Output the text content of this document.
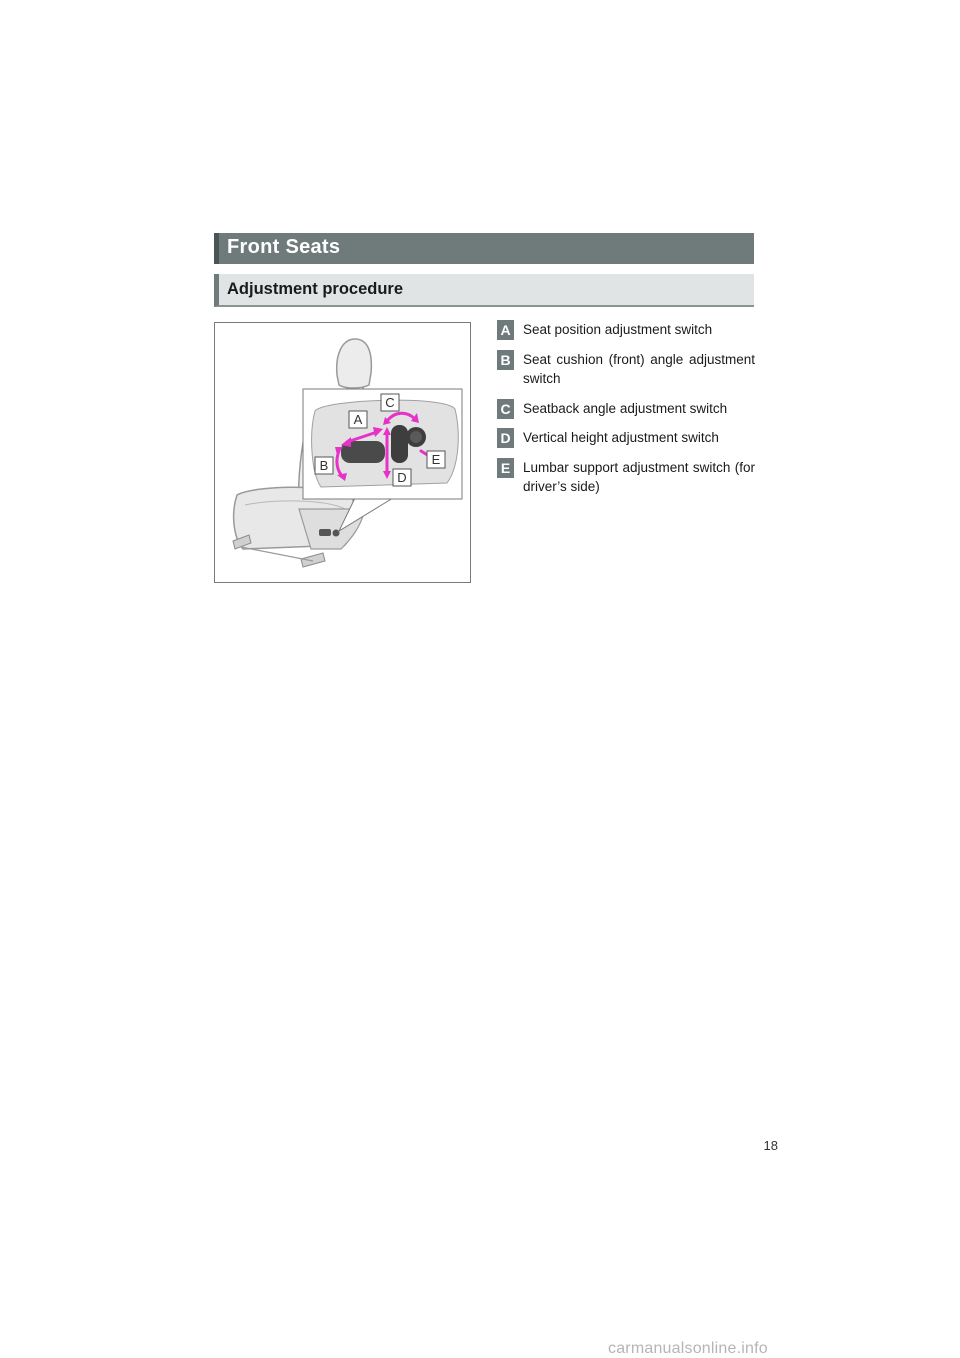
Front Seats
Adjustment procedure
A
B
C
D
E
A Seat position adjustment switch
B Seat cushion (front) angle adjustment switch
C Seatback angle adjustment switch
D Vertical height adjustment switch
E Lumbar support adjustment switch (for driver’s side)
18
carmanualsonline.info
